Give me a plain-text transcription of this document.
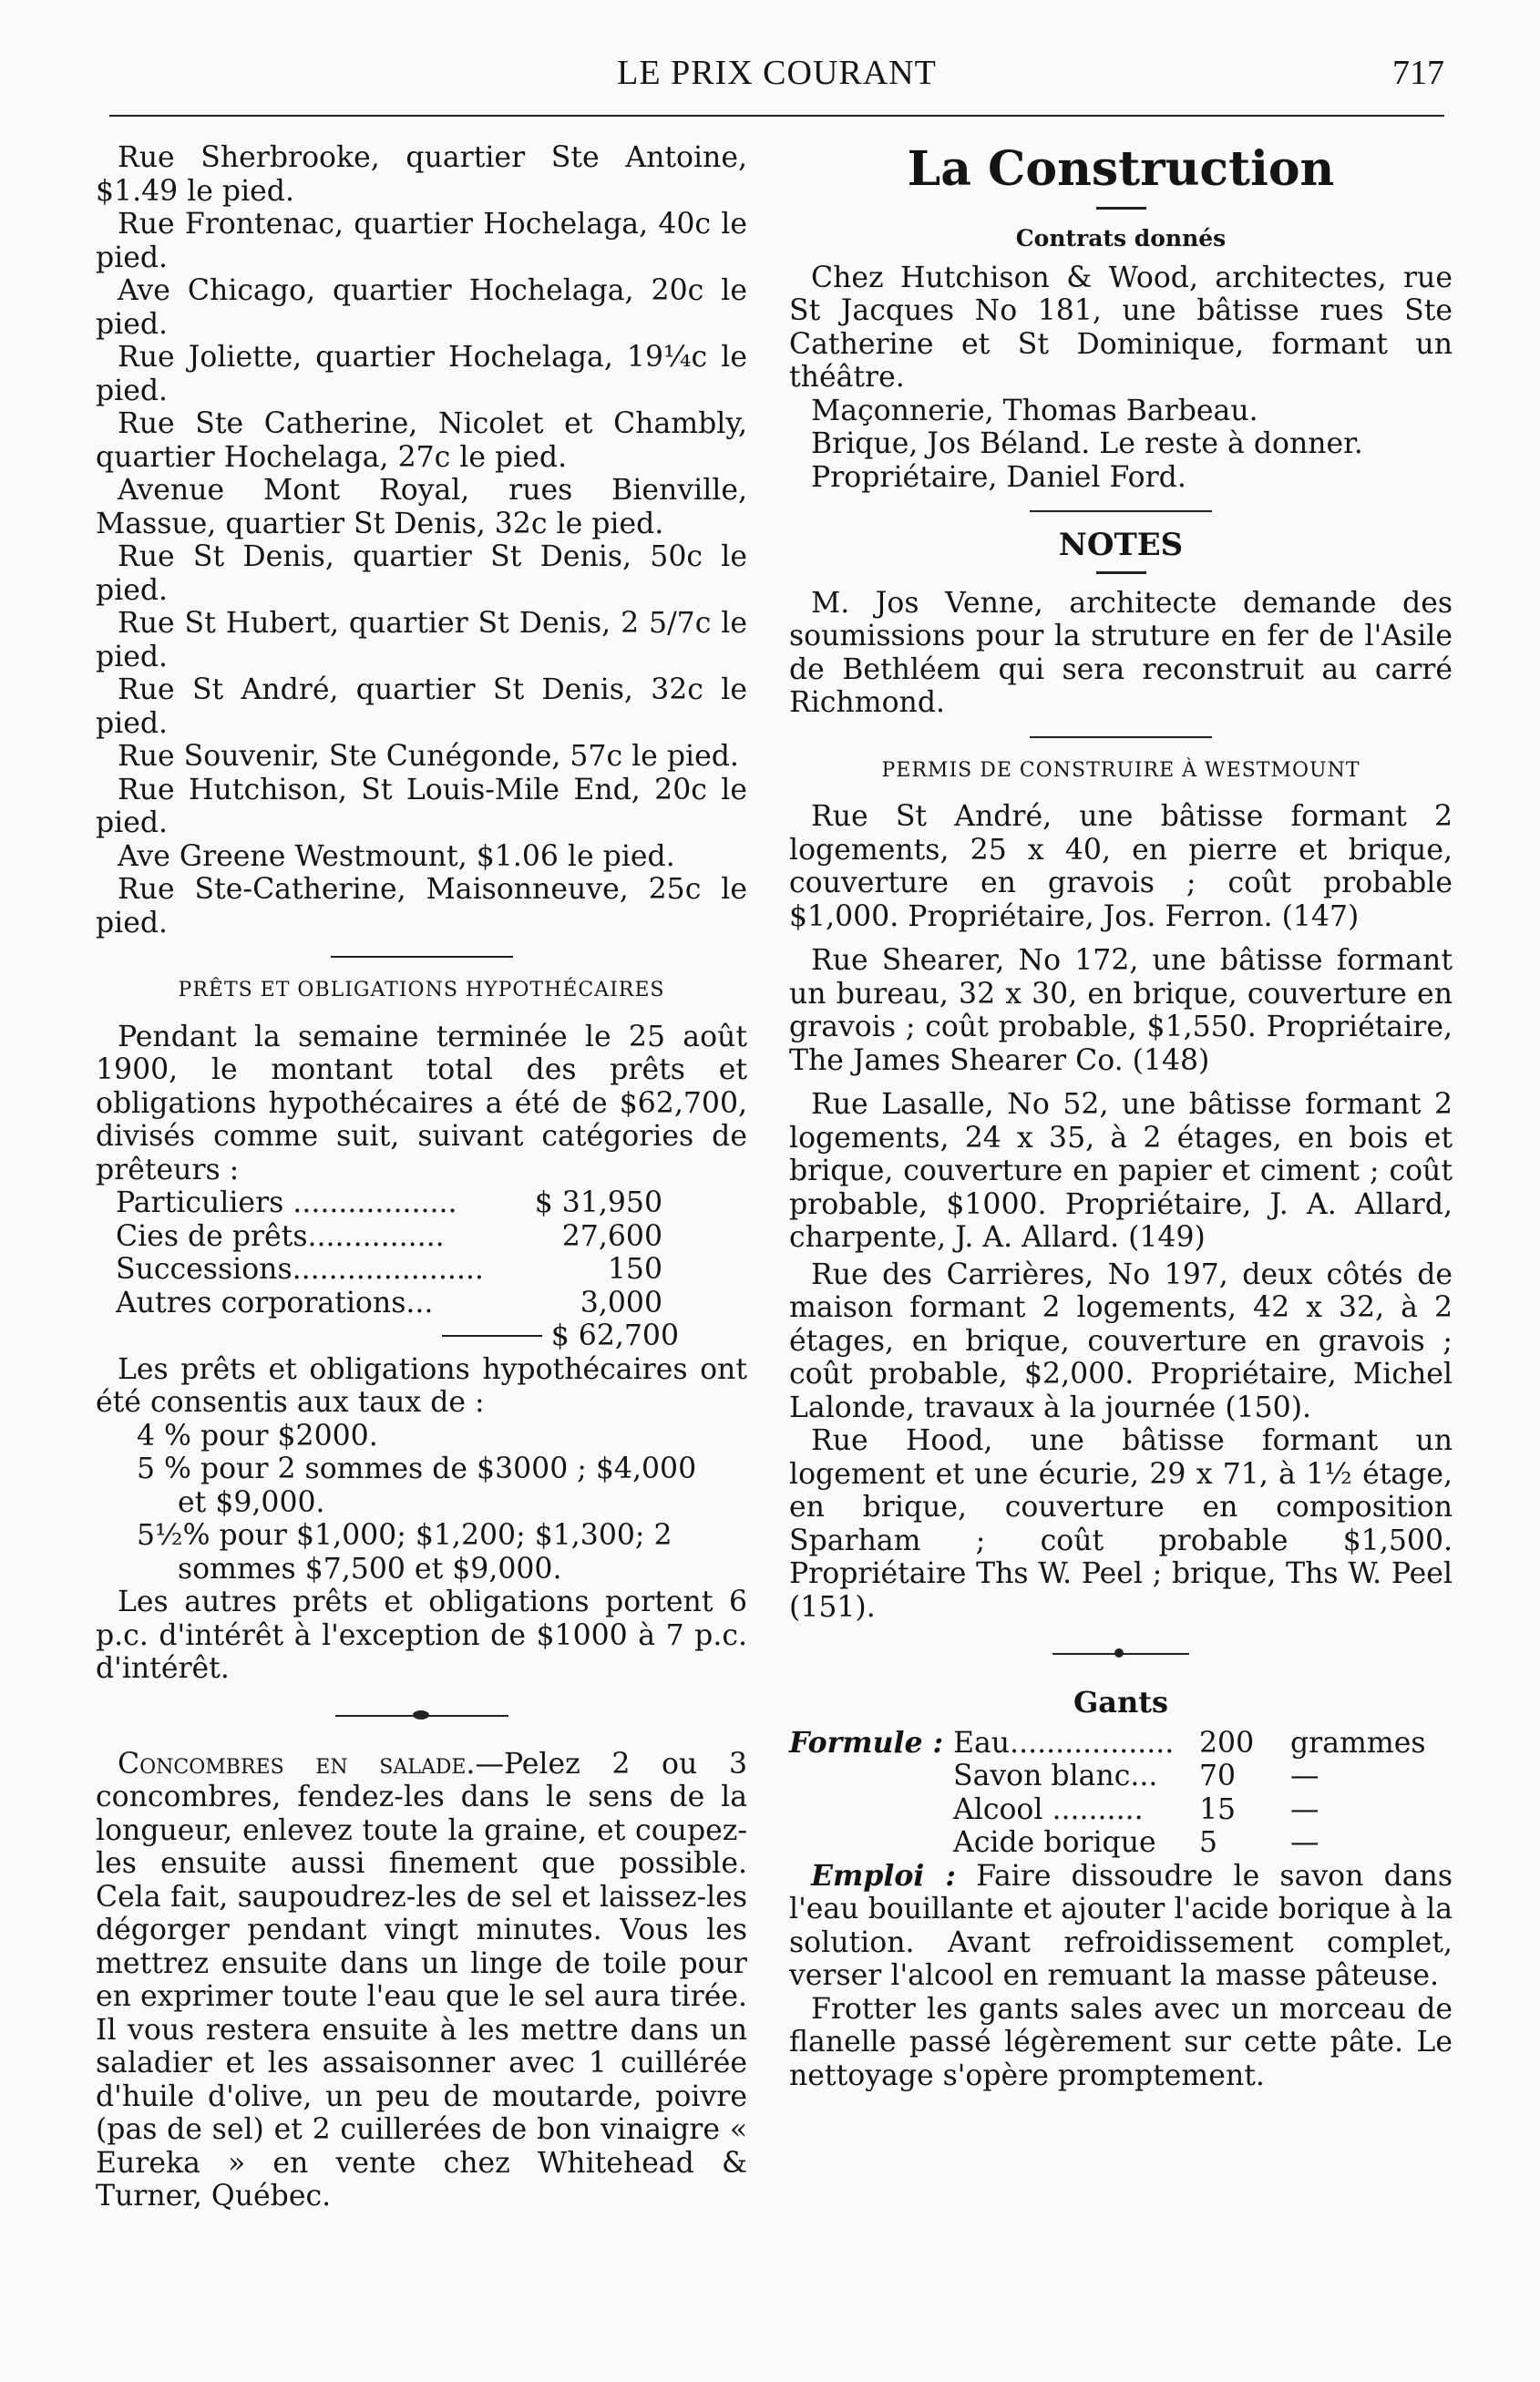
LE PRIX COURANT	717

Rue Sherbrooke, quartier Ste Antoine, $1.49 le pied.

Rue Frontenac, quartier Hochelaga, 40c le pied.

Ave Chicago, quartier Hochelaga, 20c le pied.

Rue Joliette, quartier Hochelaga, 19¼c le pied.

Rue Ste Catherine, Nicolet et Chambly, quartier Hochelaga, 27c le pied.

Avenue Mont Royal, rues Bienville, Massue, quartier St Denis, 32c le pied.

Rue St Denis, quartier St Denis, 50c le pied.

Rue St Hubert, quartier St Denis, 2 5/7c le pied.

Rue St André, quartier St Denis, 32c le pied.

Rue Souvenir, Ste Cunégonde, 57c le pied.

Rue Hutchison, St Louis-Mile End, 20c le pied.

Ave Greene Westmount, $1.06 le pied.

Rue Ste-Catherine, Maisonneuve, 25c le pied.

PRÊTS ET OBLIGATIONS HYPOTHÉCAIRES

Pendant la semaine terminée le 25 août 1900, le montant total des prêts et obligations hypothécaires a été de $62,700, divisés comme suit, suivant catégories de prêteurs :

Particuliers ..................	$ 31,950
Cies de prêts...............	27,600
Successions.....................	150
Autres corporations...	3,000
$ 62,700

Les prêts et obligations hypothécaires ont été consentis aux taux de :

4 % pour $2000.

5 % pour 2 sommes de $3000 ; $4,000

et $9,000.

5½% pour $1,000; $1,200; $1,300; 2

sommes $7,500 et $9,000.

Les autres prêts et obligations portent 6 p.c. d'intérêt à l'exception de $1000 à 7 p.c. d'intérêt.

Concombres en salade.—Pelez 2 ou 3 concombres, fendez-les dans le sens de la longueur, enlevez toute la graine, et coupez-les ensuite aussi finement que possible. Cela fait, saupoudrez-les de sel et laissez-les dégorger pendant vingt minutes. Vous les mettrez ensuite dans un linge de toile pour en exprimer toute l'eau que le sel aura tirée. Il vous restera ensuite à les mettre dans un saladier et les assaisonner avec 1 cuillérée d'huile d'olive, un peu de moutarde, poivre (pas de sel) et 2 cuillerées de bon vinaigre « Eureka » en vente chez Whitehead & Turner, Québec.

La Construction
Contrats donnés

Chez Hutchison & Wood, architectes, rue St Jacques No 181, une bâtisse rues Ste Catherine et St Dominique, formant un théâtre.

Maçonnerie, Thomas Barbeau.

Brique, Jos Béland. Le reste à donner.

Propriétaire, Daniel Ford.

NOTES

M. Jos Venne, architecte demande des soumissions pour la struture en fer de l'Asile de Bethléem qui sera reconstruit au carré Richmond.

PERMIS DE CONSTRUIRE À WESTMOUNT

Rue St André, une bâtisse formant 2 logements, 25 x 40, en pierre et brique, couverture en gravois ; coût probable $1,000. Propriétaire, Jos. Ferron. (147)

Rue Shearer, No 172, une bâtisse formant un bureau, 32 x 30, en brique, couverture en gravois ; coût probable, $1,550. Propriétaire, The James Shearer Co. (148)

Rue Lasalle, No 52, une bâtisse formant 2 logements, 24 x 35, à 2 étages, en bois et brique, couverture en papier et ciment ; coût probable, $1000. Propriétaire, J. A. Allard, charpente, J. A. Allard. (149)

Rue des Carrières, No 197, deux côtés de maison formant 2 logements, 42 x 32, à 2 étages, en brique, couverture en gravois ; coût probable, $2,000. Propriétaire, Michel Lalonde, travaux à la journée (150).

Rue Hood, une bâtisse formant un logement et une écurie, 29 x 71, à 1½ étage, en brique, couverture en composition Sparham ; coût probable $1,500. Propriétaire Ths W. Peel ; brique, Ths W. Peel (151).

Gants
Formule : Eau.................. 200	grammes
Savon blanc...	70	—
Alcool ..........	15	—
Acide borique	5	—

Emploi : Faire dissoudre le savon dans l'eau bouillante et ajouter l'acide borique à la solution. Avant refroidissement complet, verser l'alcool en remuant la masse pâteuse.

Frotter les gants sales avec un morceau de flanelle passé légèrement sur cette pâte. Le nettoyage s'opère promptement.
